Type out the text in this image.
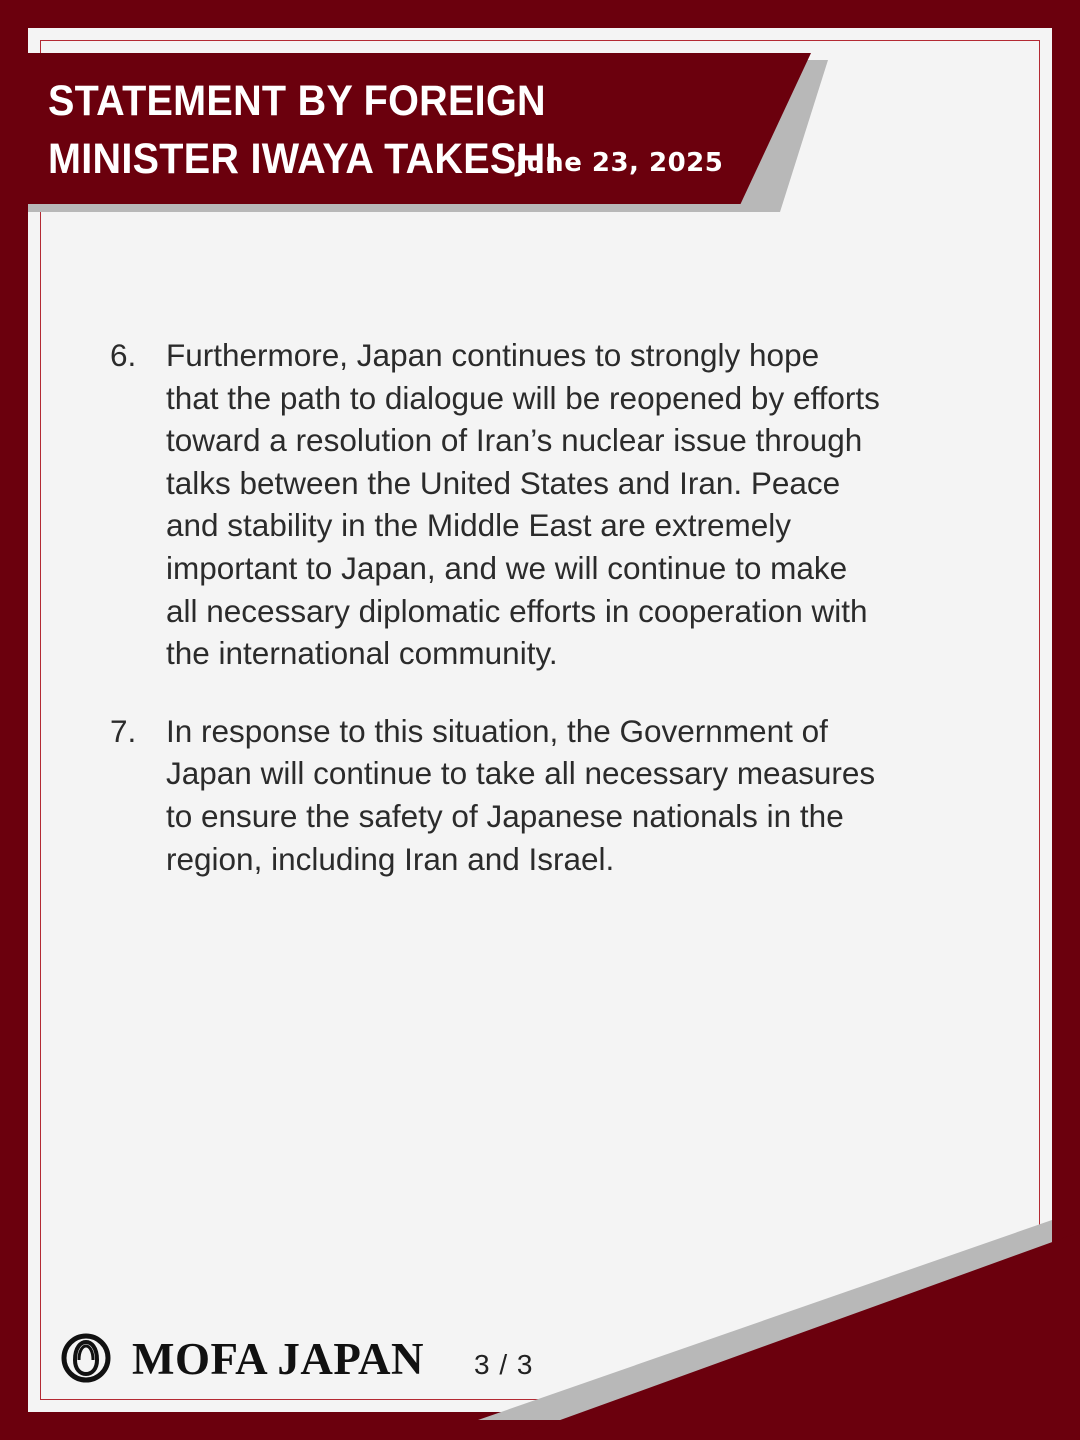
STATEMENT BY FOREIGN MINISTER IWAYA TAKESHI
June 23, 2025
6. Furthermore, Japan continues to strongly hope that the path to dialogue will be reopened by efforts toward a resolution of Iran’s nuclear issue through talks between the United States and Iran. Peace and stability in the Middle East are extremely important to Japan, and we will continue to make all necessary diplomatic efforts in cooperation with the international community.
7. In response to this situation, the Government of Japan will continue to take all necessary measures to ensure the safety of Japanese nationals in the region, including Iran and Israel.
MOFA JAPAN 3 / 3
